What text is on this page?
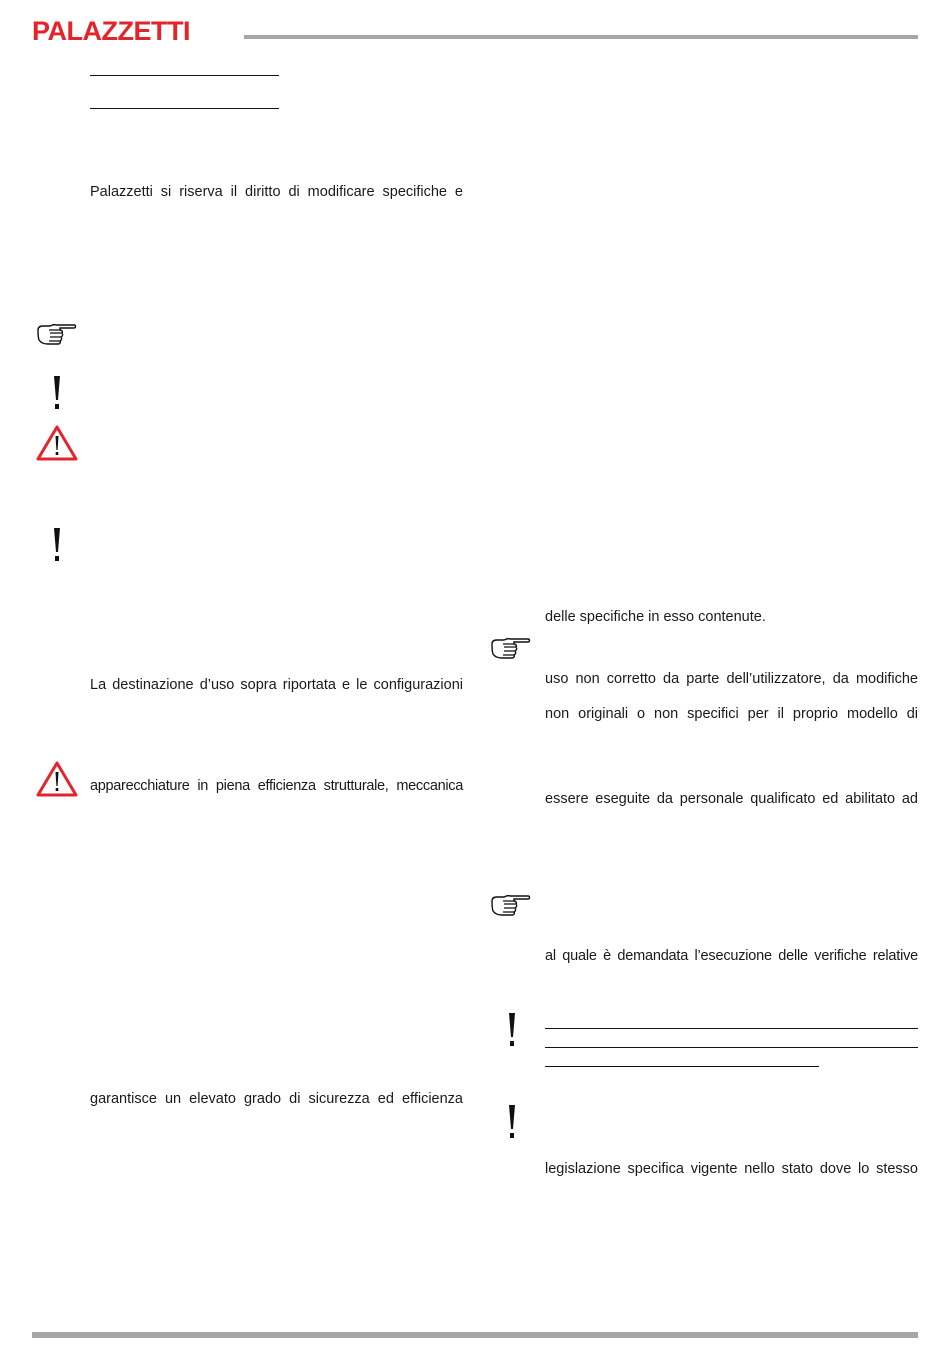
PALAZZETTI
Palazzetti si riserva il diritto di modificare specifiche e
La destinazione d’uso sopra riportata e le configurazioni
apparecchiature in piena efficienza strutturale, meccanica
garantisce un elevato grado di sicurezza ed efficienza
delle specifiche in esso contenute.
uso non corretto da parte dell’utilizzatore, da modifiche
non originali o non specifici per il proprio modello di
essere eseguite da personale qualificato ed abilitato ad
al quale è demandata l’esecuzione delle verifiche relative
legislazione specifica vigente nello stato dove lo stesso
